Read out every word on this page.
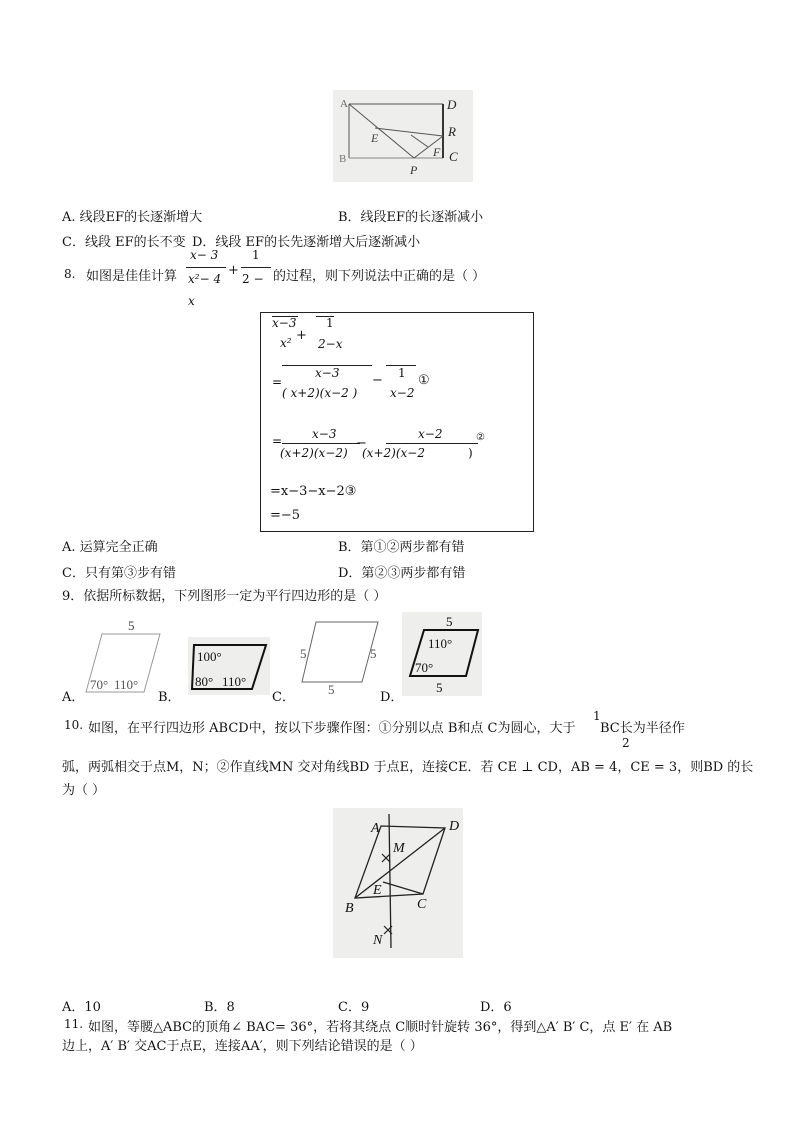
A
B	C
D
E
F
P
R
A. 线段EF的长逐渐增大	B．线段EF的长逐渐减小
C．线段 EF的长不变 D．线段 EF的长先逐渐增大后逐渐减小
8. 如图是佳佳计算
x− 3
x²− 4
+
1
2 −
x
的过程，则下列说法中正确的是（ ）
x−3
+
1
x² 2−x
=
x−3
( x+2)(x−2 )
− 1
x−2
①
= x−3
(x+2)(x−2)
−
x−2
(x+2)(x−2	)
②
=x−3−x−2③
=−5
A. 运算完全正确	B．第①②两步都有错
C．只有第③步有错	D．第②③两步都有错
9．依据所标数据，下列图形一定为平行四边形的是（ ）
5
70° 110°
A．
100°
80° 110°
B．
5	5
5
C．
5
110°
70°
5
D．
10. 如图，在平行四边形 ABCD中，按以下步骤作图：①分别以点 B和点 C为圆心，大于
1
2
BC长为半径作
弧，两弧相交于点M，N；②作直线MN 交对角线BD 于点E，连接CE．若 CE ⊥ CD，AB = 4，CE = 3，则BD 的长
为（ ）
A
B	C
D
E
M
N
A．10	B．8	C．9	D．6
11. 如图，等腰△ABC的顶角∠ BAC= 36°，若将其绕点 C顺时针旋转 36°，得到△A′ B′ C，点 E′ 在 AB
边上，A′ B′ 交AC于点E，连接AA′，则下列结论错误的是（ ）
